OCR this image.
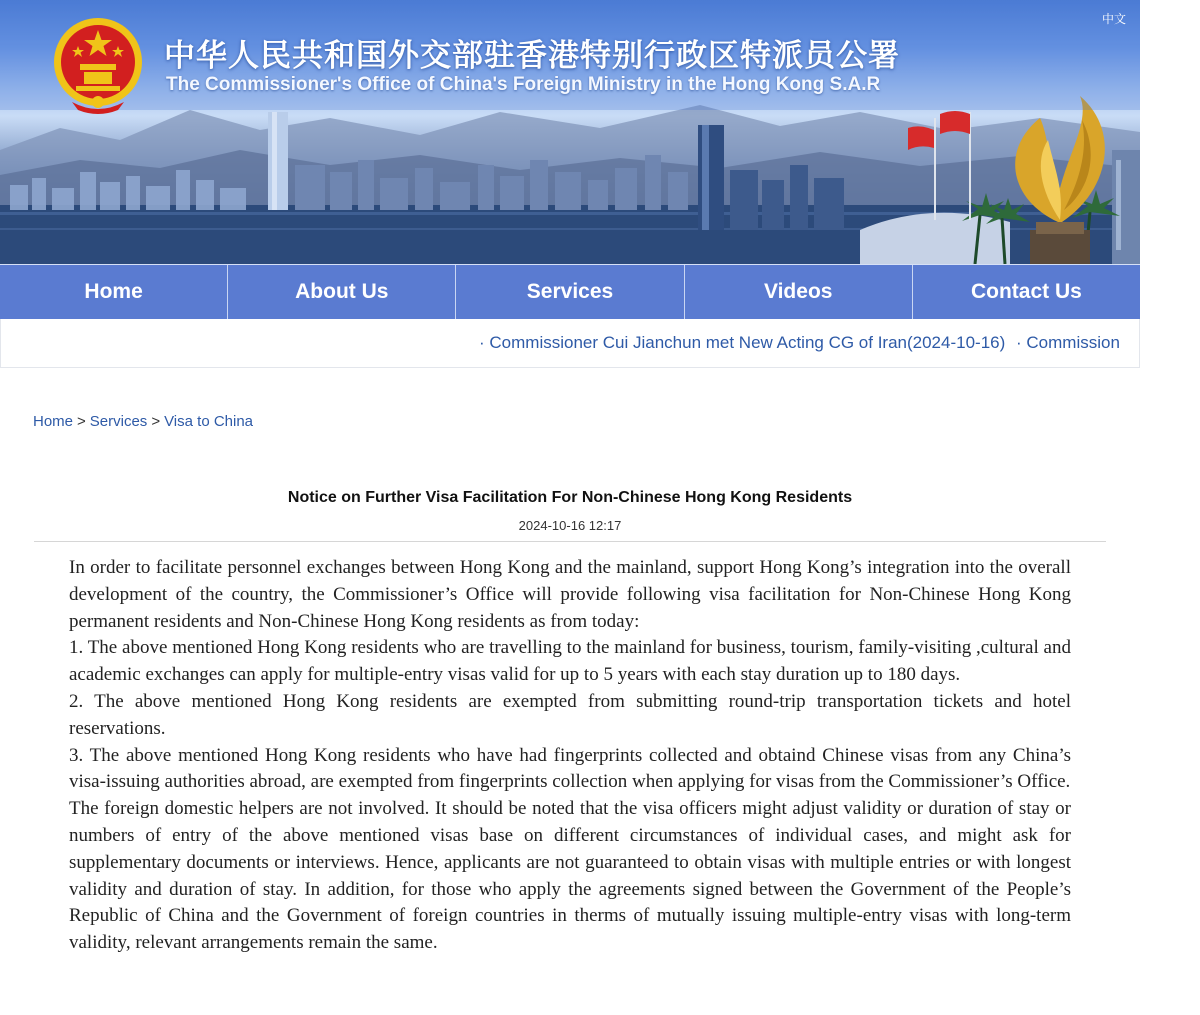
中文
中华人民共和国外交部驻香港特别行政区特派员公署
The Commissioner's Office of China's Foreign Ministry in the Hong Kong S.A.R
Home	About Us	Services	Videos	Contact Us
· Commissioner Cui Jianchun met New Acting CG of Iran(2024-10-16) · Commission
Home > Services > Visa to China
Notice on Further Visa Facilitation For Non-Chinese Hong Kong Residents
2024-10-16 12:17

In order to facilitate personnel exchanges between Hong Kong and the mainland, support Hong Kong’s integration into the overall development of the country, the Commissioner’s Office will provide following visa facilitation for Non-Chinese Hong Kong permanent residents and Non-Chinese Hong Kong residents as from today:

1. The above mentioned Hong Kong residents who are travelling to the mainland for business, tourism, family-visiting ,cultural and academic exchanges can apply for multiple-entry visas valid for up to 5 years with each stay duration up to 180 days.

2. The above mentioned Hong Kong residents are exempted from submitting round-trip transportation tickets and hotel reservations.

3. The above mentioned Hong Kong residents who have had fingerprints collected and obtaind Chinese visas from any China’s visa-issuing authorities abroad, are exempted from fingerprints collection when applying for visas from the Commissioner’s Office.

The foreign domestic helpers are not involved. It should be noted that the visa officers might adjust validity or duration of stay or numbers of entry of the above mentioned visas base on different circumstances of individual cases, and might ask for supplementary documents or interviews. Hence, applicants are not guaranteed to obtain visas with multiple entries or with longest validity and duration of stay. In addition, for those who apply the agreements signed between the Government of the People’s Republic of China and the Government of foreign countries in therms of mutually issuing multiple-entry visas with long-term validity, relevant arrangements remain the same.
